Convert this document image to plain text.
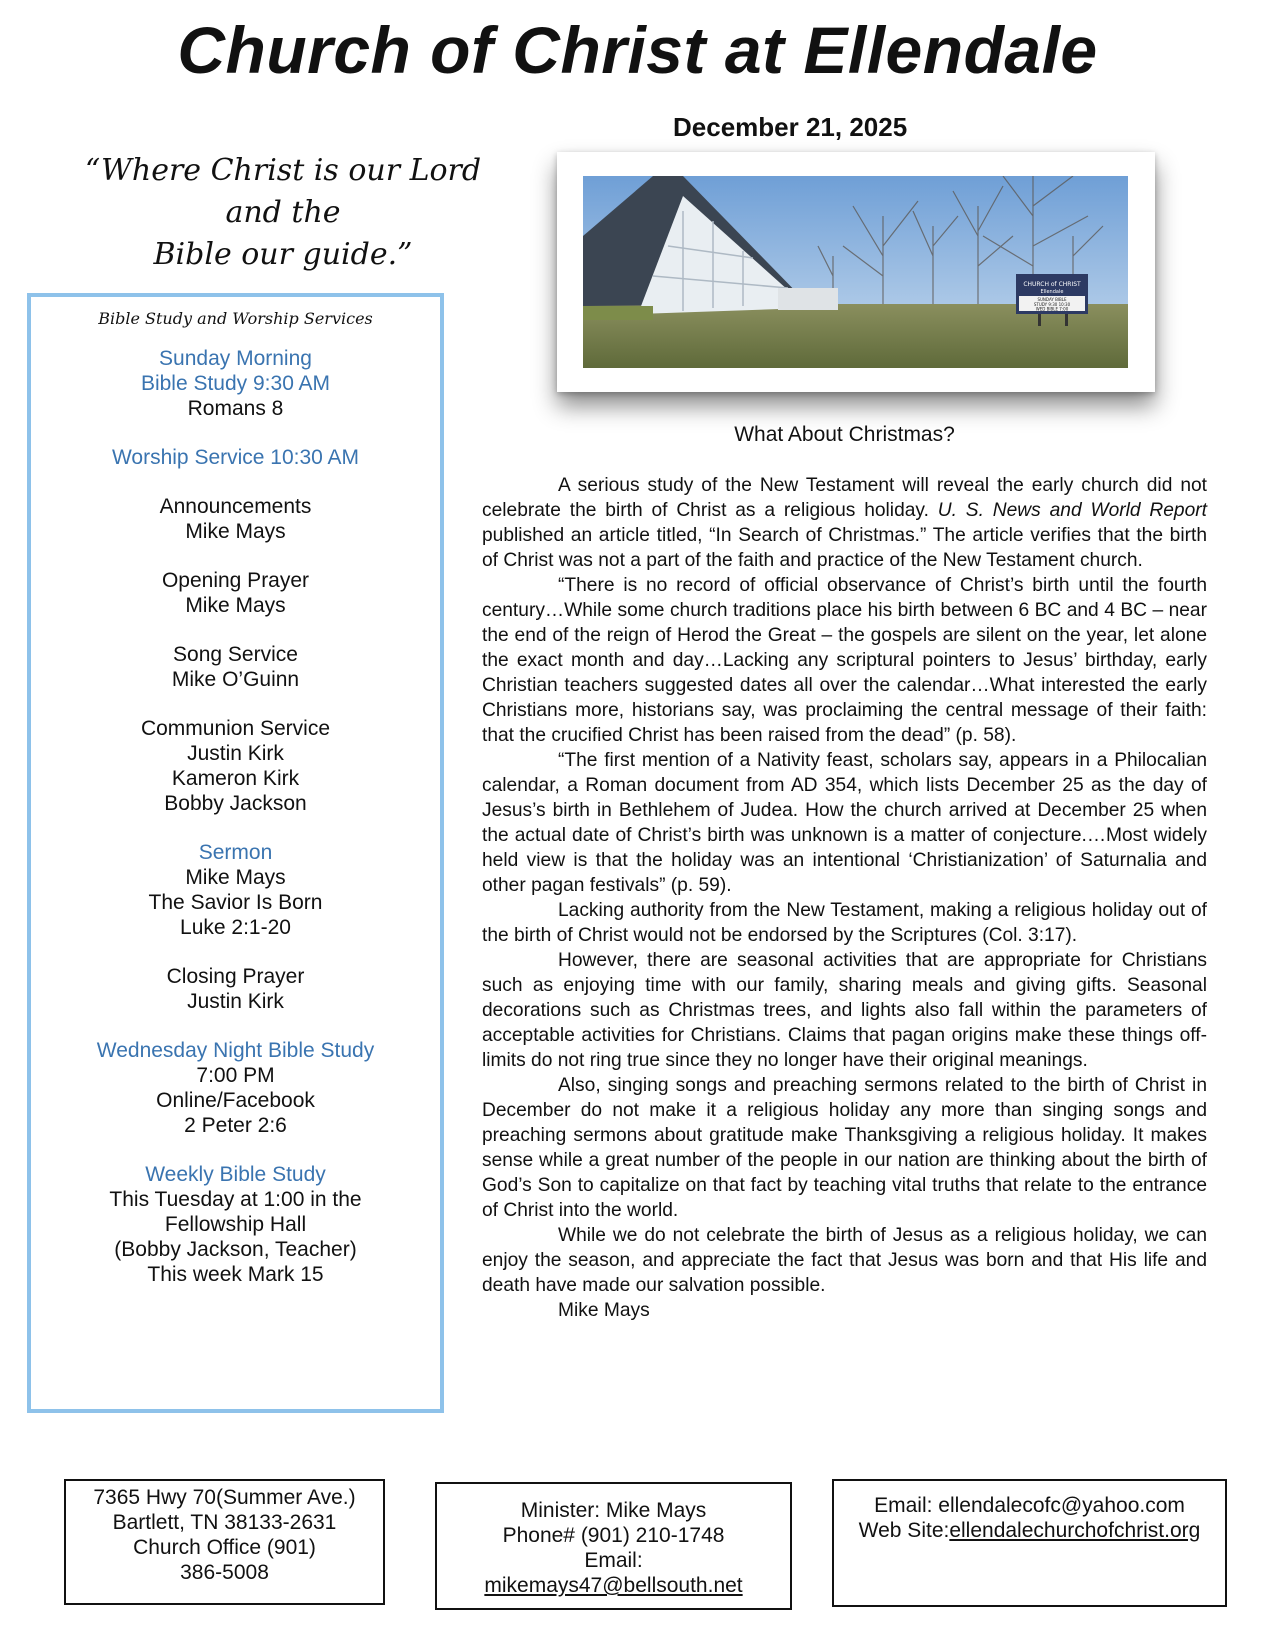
Church of Christ at Ellendale
December 21, 2025
“Where Christ is our Lord and the
Bible our guide.”
CHURCH of CHRIST
Ellendale
SUNDAY BIBLE
STUDY 9:30 10:30
WED BIBLE 7:00
Bible Study and Worship Services
Sunday Morning
Bible Study 9:30 AM
Romans 8
Worship Service 10:30 AM
Announcements
Mike Mays
Opening Prayer
Mike Mays
Song Service
Mike O’Guinn
Communion Service
Justin Kirk
Kameron Kirk
Bobby Jackson
Sermon
Mike Mays
The Savior Is Born
Luke 2:1-20
Closing Prayer
Justin Kirk
Wednesday Night Bible Study
7:00 PM
Online/Facebook
2 Peter 2:6
Weekly Bible Study
This Tuesday at 1:00 in the
Fellowship Hall
(Bobby Jackson, Teacher)
This week Mark 15
What About Christmas?

A serious study of the New Testament will reveal the early church did not celebrate the birth of Christ as a religious holiday. U. S. News and World Report published an article titled, “In Search of Christmas.” The article verifies that the birth of Christ was not a part of the faith and practice of the New Testament church.

“There is no record of official observance of Christ’s birth until the fourth century…While some church traditions place his birth between 6 BC and 4 BC – near the end of the reign of Herod the Great – the gospels are silent on the year, let alone the exact month and day…Lacking any scriptural pointers to Jesus’ birthday, early Christian teachers suggested dates all over the calendar…What interested the early Christians more, historians say, was proclaiming the central message of their faith: that the crucified Christ has been raised from the dead” (p. 58).

“The first mention of a Nativity feast, scholars say, appears in a Philocalian calendar, a Roman document from AD 354, which lists December 25 as the day of Jesus’s birth in Bethlehem of Judea. How the church arrived at December 25 when the actual date of Christ’s birth was unknown is a matter of conjecture.…Most widely held view is that the holiday was an intentional ‘Christianization’ of Saturnalia and other pagan festivals” (p. 59).

Lacking authority from the New Testament, making a religious holiday out of the birth of Christ would not be endorsed by the Scriptures (Col. 3:17).

However, there are seasonal activities that are appropriate for Christians such as enjoying time with our family, sharing meals and giving gifts. Seasonal decorations such as Christmas trees, and lights also fall within the parameters of acceptable activities for Christians. Claims that pagan origins make these things off-limits do not ring true since they no longer have their original meanings.

Also, singing songs and preaching sermons related to the birth of Christ in December do not make it a religious holiday any more than singing songs and preaching sermons about gratitude make Thanksgiving a religious holiday. It makes sense while a great number of the people in our nation are thinking about the birth of God’s Son to capitalize on that fact by teaching vital truths that relate to the entrance of Christ into the world.

While we do not celebrate the birth of Jesus as a religious holiday, we can enjoy the season, and appreciate the fact that Jesus was born and that His life and death have made our salvation possible.

Mike Mays

7365 Hwy 70(Summer Ave.)
Bartlett, TN 38133-2631
Church Office (901)
386-5008
Minister: Mike Mays
Phone# (901) 210-1748
Email:
mikemays47@bellsouth.net
Email: ellendalecofc@yahoo.com
Web Site:ellendalechurchofchrist.org
